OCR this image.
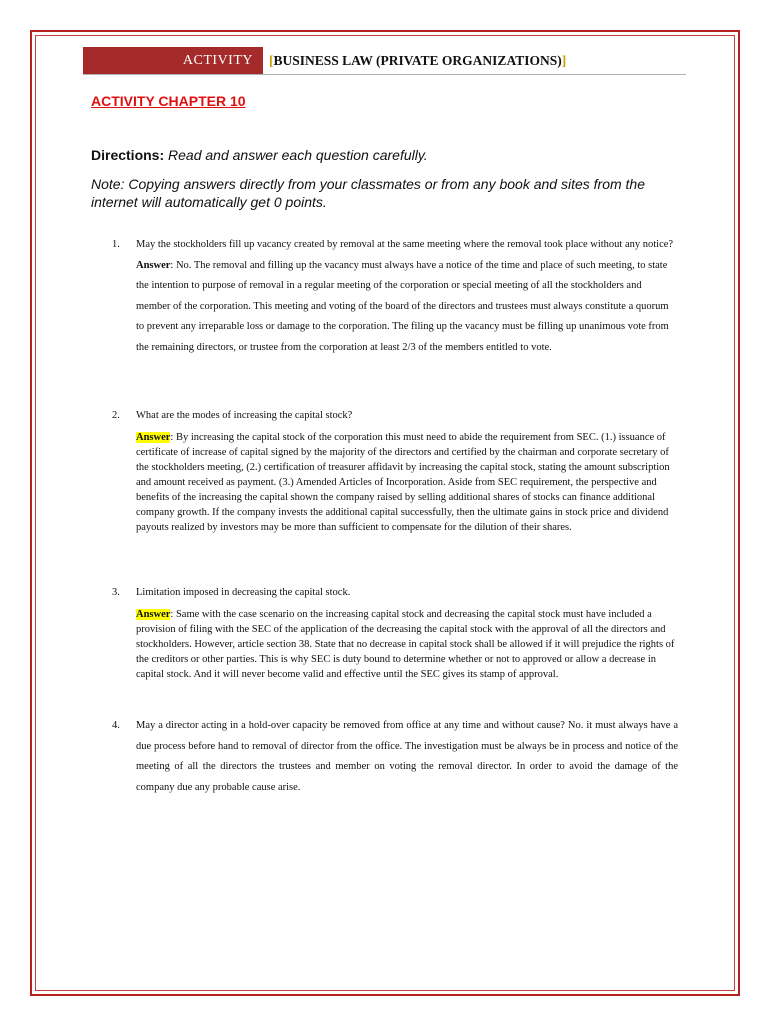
ACTIVITY	[BUSINESS LAW (PRIVATE ORGANIZATIONS)]
ACTIVITY CHAPTER 10
Directions: Read and answer each question carefully.
Note: Copying answers directly from your classmates or from any book and sites from the internet will automatically get 0 points.
1. May the stockholders fill up vacancy created by removal at the same meeting where the removal took place without any notice?
Answer: No. The removal and filling up the vacancy must always have a notice of the time and place of such meeting, to state the intention to purpose of removal in a regular meeting of the corporation or special meeting of all the stockholders and member of the corporation. This meeting and voting of the board of the directors and trustees must always constitute a quorum to prevent any irreparable loss or damage to the corporation. The filing up the vacancy must be filling up unanimous vote from the remaining directors, or trustee from the corporation at least 2/3 of the members entitled to vote.
2. What are the modes of increasing the capital stock?
Answer: By increasing the capital stock of the corporation this must need to abide the requirement from SEC. (1.) issuance of certificate of increase of capital signed by the majority of the directors and certified by the chairman and corporate secretary of the stockholders meeting, (2.) certification of treasurer affidavit by increasing the capital stock, stating the amount subscription and amount received as payment. (3.) Amended Articles of Incorporation. Aside from SEC requirement, the perspective and benefits of the increasing the capital shown the company raised by selling additional shares of stocks can finance additional company growth. If the company invests the additional capital successfully, then the ultimate gains in stock price and dividend payouts realized by investors may be more than sufficient to compensate for the dilution of their shares.
3. Limitation imposed in decreasing the capital stock.
Answer: Same with the case scenario on the increasing capital stock and decreasing the capital stock must have included a provision of filing with the SEC of the application of the decreasing the capital stock with the approval of all the directors and stockholders. However, article section 38. State that no decrease in capital stock shall be allowed if it will prejudice the rights of the creditors or other parties. This is why SEC is duty bound to determine whether or not to approved or allow a decrease in capital stock. And it will never become valid and effective until the SEC gives its stamp of approval.
4. May a director acting in a hold-over capacity be removed from office at any time and without cause? No. it must always have a due process before hand to removal of director from the office. The investigation must be always be in process and notice of the meeting of all the directors the trustees and member on voting the removal director. In order to avoid the damage of the company due any probable cause arise.
